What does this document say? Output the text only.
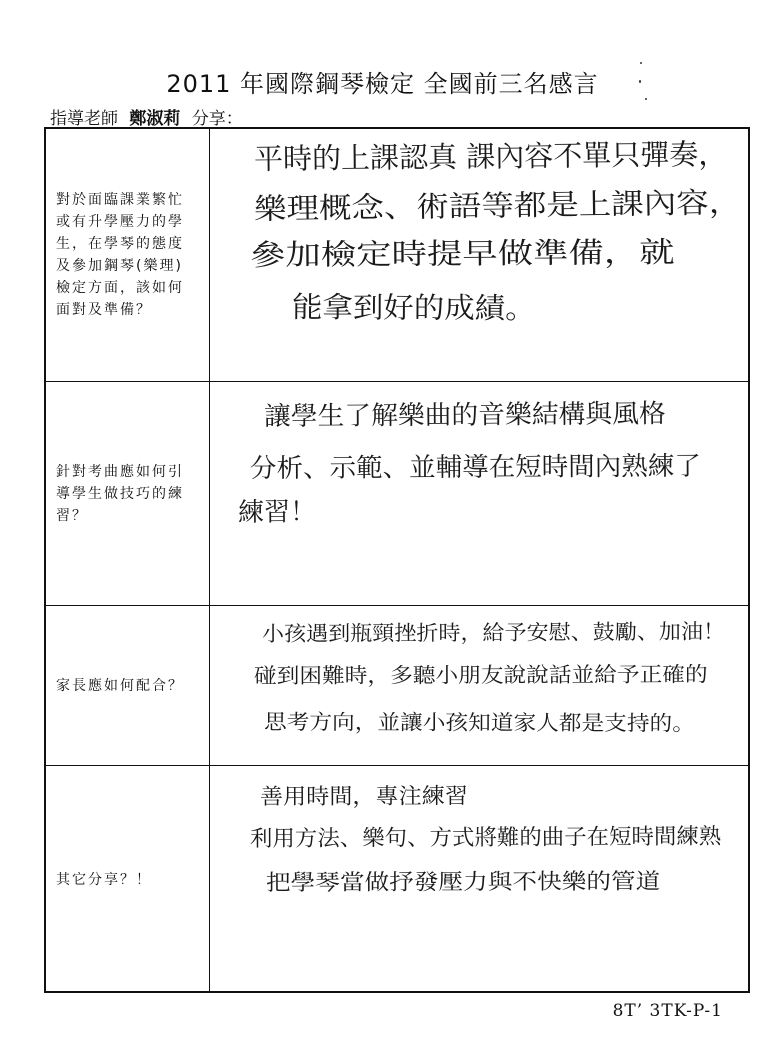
2011 年國際鋼琴檢定 全國前三名感言
指導老師 鄭淑莉 分享：
對於面臨課業繁忙
或有升學壓力的學
生，在學琴的態度
及參加鋼琴(樂理)
檢定方面，該如何
面對及準備？
平時的上課認真 課內容不單只彈奏，
樂理概念、術語等都是上課內容，
參加檢定時提早做準備，就
能拿到好的成績。
針對考曲應如何引
導學生做技巧的練
習？
讓學生了解樂曲的音樂結構與風格
分析、示範、並輔導在短時間內熟練了
練習！
家長應如何配合？
小孩遇到瓶頸挫折時，給予安慰、鼓勵、加油！
碰到困難時，多聽小朋友說說話並給予正確的
思考方向，並讓小孩知道家人都是支持的。
其它分享？！
善用時間，專注練習
利用方法、樂句、方式將難的曲子在短時間練熟
把學琴當做抒發壓力與不快樂的管道
8T’ 3TK-P-1
